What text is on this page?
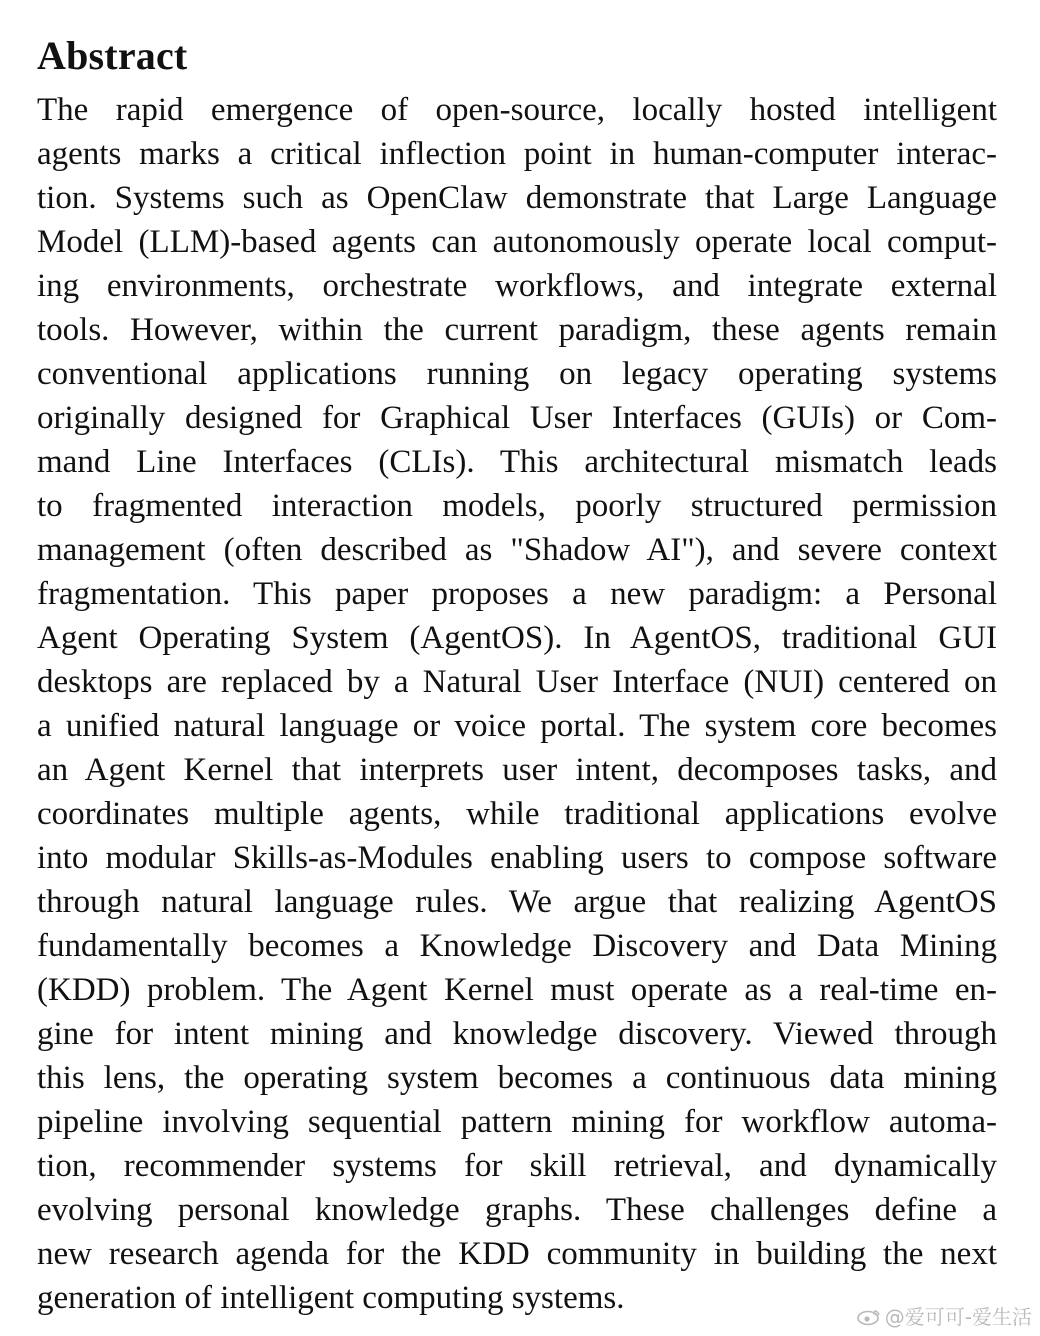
Abstract
The rapid emergence of open-source, locally hosted intelligent
agents marks a critical inflection point in human-computer interac-
tion. Systems such as OpenClaw demonstrate that Large Language
Model (LLM)-based agents can autonomously operate local comput-
ing environments, orchestrate workflows, and integrate external
tools. However, within the current paradigm, these agents remain
conventional applications running on legacy operating systems
originally designed for Graphical User Interfaces (GUIs) or Com-
mand Line Interfaces (CLIs). This architectural mismatch leads
to fragmented interaction models, poorly structured permission
management (often described as "Shadow AI"), and severe context
fragmentation. This paper proposes a new paradigm: a Personal
Agent Operating System (AgentOS). In AgentOS, traditional GUI
desktops are replaced by a Natural User Interface (NUI) centered on
a unified natural language or voice portal. The system core becomes
an Agent Kernel that interprets user intent, decomposes tasks, and
coordinates multiple agents, while traditional applications evolve
into modular Skills-as-Modules enabling users to compose software
through natural language rules. We argue that realizing AgentOS
fundamentally becomes a Knowledge Discovery and Data Mining
(KDD) problem. The Agent Kernel must operate as a real-time en-
gine for intent mining and knowledge discovery. Viewed through
this lens, the operating system becomes a continuous data mining
pipeline involving sequential pattern mining for workflow automa-
tion, recommender systems for skill retrieval, and dynamically
evolving personal knowledge graphs. These challenges define a
new research agenda for the KDD community in building the next
generation of intelligent computing systems.
@爱可可-爱生活
